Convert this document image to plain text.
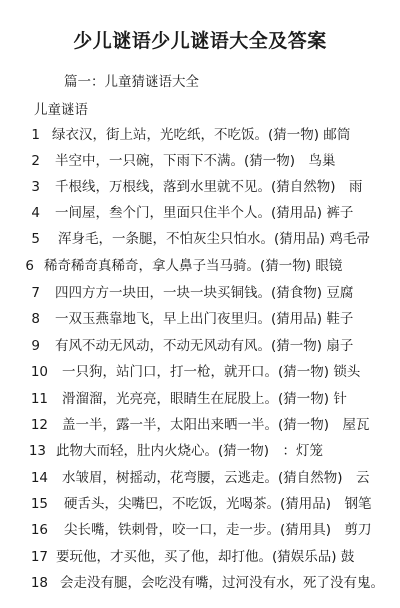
少儿谜语少儿谜语大全及答案
篇一：儿童猜谜语大全
儿童谜语
1 绿衣汉，街上站，光吃纸，不吃饭。(猜一物) 邮筒
2 半空中，一只碗，下雨下不满。(猜一物)　鸟巢
3 千根线，万根线，落到水里就不见。(猜自然物)　雨
4 一间屋，叁个门，里面只住半个人。(猜用品) 裤子
5 浑身毛，一条腿，不怕灰尘只怕水。(猜用品) 鸡毛帚
6 稀奇稀奇真稀奇，拿人鼻子当马骑。(猜一物) 眼镜
7 四四方方一块田，一块一块买铜钱。(猜食物) 豆腐
8 一双玉燕靠地飞，早上出门夜里归。(猜用品) 鞋子
9 有风不动无风动，不动无风动有风。(猜一物) 扇子
10 一只狗，站门口，打一枪，就开口。(猜一物) 锁头
11 滑溜溜，光亮亮，眼睛生在屁股上。(猜一物) 针
12 盖一半，露一半，太阳出来晒一半。(猜一物)　屋瓦
13 此物大而轻，肚内火烧心。(猜一物)　：灯笼
14 水皱眉，树摇动，花弯腰，云逃走。(猜自然物)　云
15 硬舌头，尖嘴巴，不吃饭，光喝茶。(猜用品)　钢笔
16 尖长嘴，铁刺骨，咬一口，走一步。(猜用具)　剪刀
17 要玩他，才买他，买了他，却打他。(猜娱乐品) 鼓
18 会走没有腿，会吃没有嘴，过河没有水，死了没有鬼。
